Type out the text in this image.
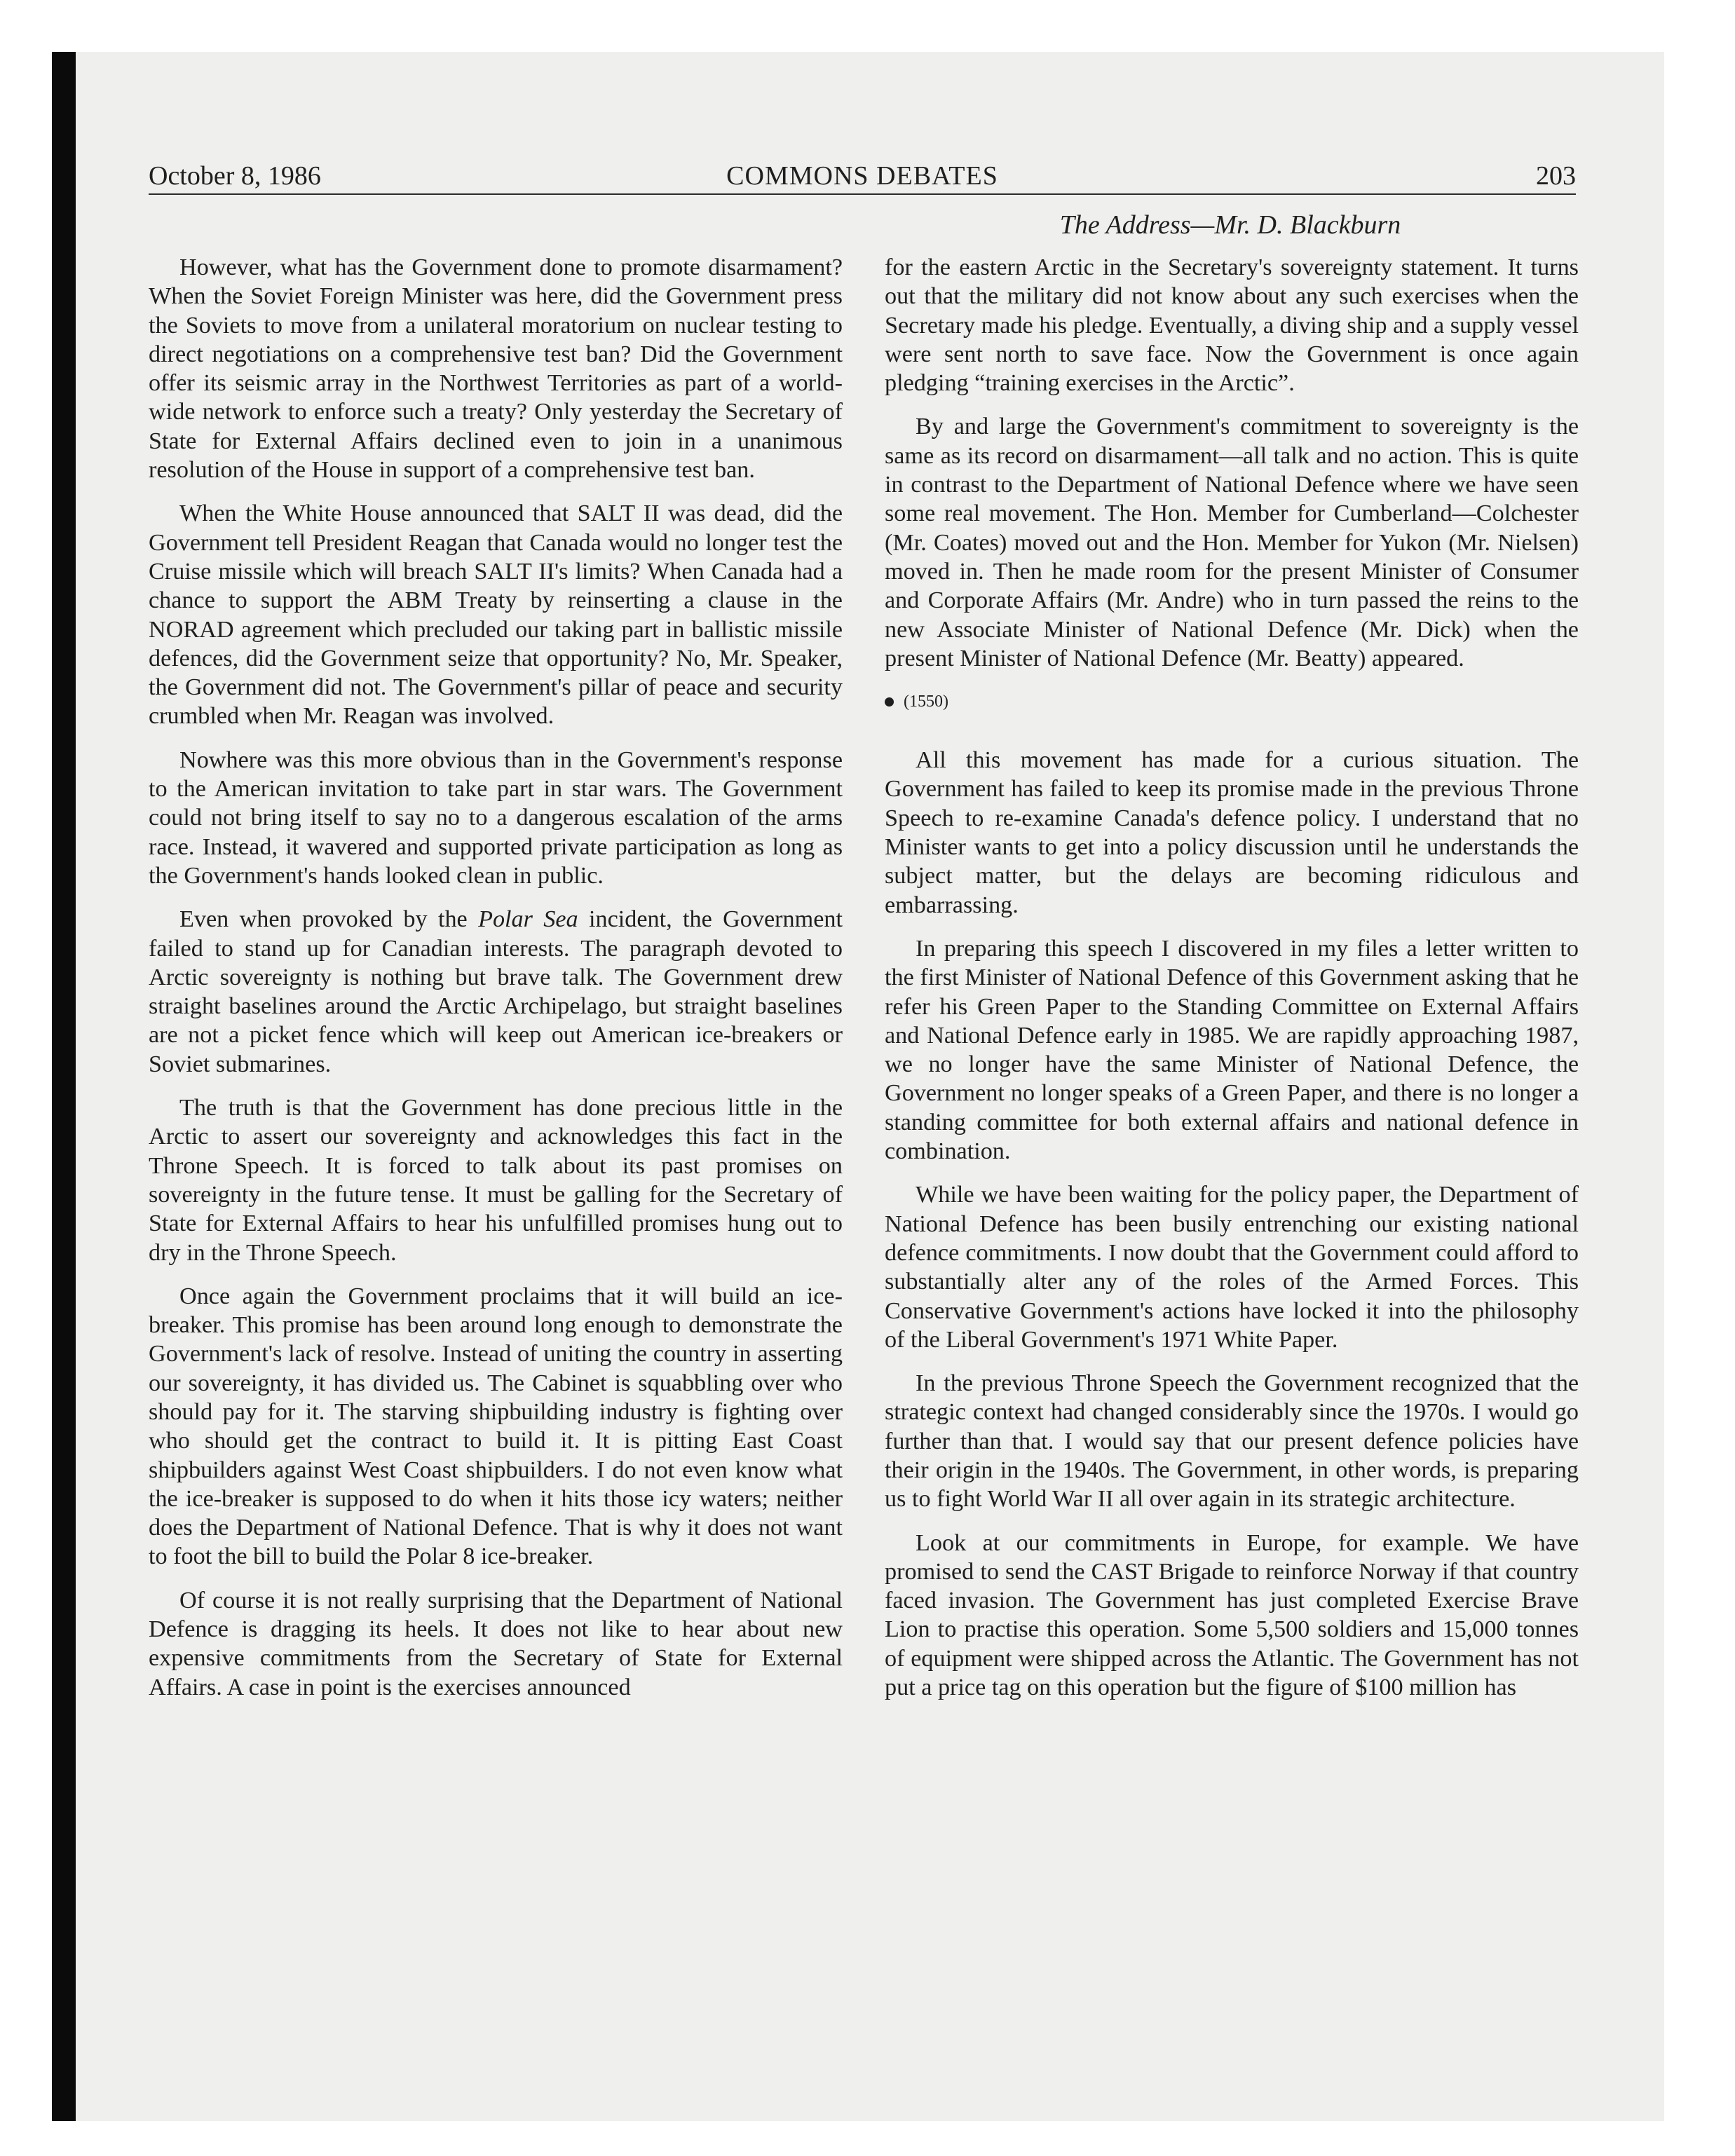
October 8, 1986	COMMONS DEBATES	203
The Address—Mr. D. Blackburn

However, what has the Government done to promote disarmament? When the Soviet Foreign Minister was here, did the Government press the Soviets to move from a unilateral moratorium on nuclear testing to direct negotiations on a comprehensive test ban? Did the Government offer its seismic array in the Northwest Territories as part of a world-wide network to enforce such a treaty? Only yesterday the Secretary of State for External Affairs declined even to join in a unanimous resolution of the House in support of a comprehensive test ban.

When the White House announced that SALT II was dead, did the Government tell President Reagan that Canada would no longer test the Cruise missile which will breach SALT II's limits? When Canada had a chance to support the ABM Treaty by reinserting a clause in the NORAD agreement which precluded our taking part in ballistic missile defences, did the Government seize that opportunity? No, Mr. Speaker, the Government did not. The Government's pillar of peace and security crumbled when Mr. Reagan was involved.

Nowhere was this more obvious than in the Government's response to the American invitation to take part in star wars. The Government could not bring itself to say no to a dangerous escalation of the arms race. Instead, it wavered and supported private participation as long as the Government's hands looked clean in public.

Even when provoked by the Polar Sea incident, the Government failed to stand up for Canadian interests. The paragraph devoted to Arctic sovereignty is nothing but brave talk. The Government drew straight baselines around the Arctic Archipelago, but straight baselines are not a picket fence which will keep out American ice-breakers or Soviet submarines.

The truth is that the Government has done precious little in the Arctic to assert our sovereignty and acknowledges this fact in the Throne Speech. It is forced to talk about its past promises on sovereignty in the future tense. It must be galling for the Secretary of State for External Affairs to hear his unfulfilled promises hung out to dry in the Throne Speech.

Once again the Government proclaims that it will build an ice-breaker. This promise has been around long enough to demonstrate the Government's lack of resolve. Instead of uniting the country in asserting our sovereignty, it has divided us. The Cabinet is squabbling over who should pay for it. The starving shipbuilding industry is fighting over who should get the contract to build it. It is pitting East Coast shipbuilders against West Coast shipbuilders. I do not even know what the ice-breaker is supposed to do when it hits those icy waters; neither does the Department of National Defence. That is why it does not want to foot the bill to build the Polar 8 ice-breaker.

Of course it is not really surprising that the Department of National Defence is dragging its heels. It does not like to hear about new expensive commitments from the Secretary of State for External Affairs. A case in point is the exercises announced

for the eastern Arctic in the Secretary's sovereignty statement. It turns out that the military did not know about any such exercises when the Secretary made his pledge. Eventually, a diving ship and a supply vessel were sent north to save face. Now the Government is once again pledging “training exercises in the Arctic”.

By and large the Government's commitment to sovereignty is the same as its record on disarmament—all talk and no action. This is quite in contrast to the Department of National Defence where we have seen some real movement. The Hon. Member for Cumberland—Colchester (Mr. Coates) moved out and the Hon. Member for Yukon (Mr. Nielsen) moved in. Then he made room for the present Minister of Consumer and Corporate Affairs (Mr. Andre) who in turn passed the reins to the new Associate Minister of National Defence (Mr. Dick) when the present Minister of National Defence (Mr. Beatty) appeared.

(1550)

All this movement has made for a curious situation. The Government has failed to keep its promise made in the previous Throne Speech to re-examine Canada's defence policy. I understand that no Minister wants to get into a policy discussion until he understands the subject matter, but the delays are becoming ridiculous and embarrassing.

In preparing this speech I discovered in my files a letter written to the first Minister of National Defence of this Government asking that he refer his Green Paper to the Standing Committee on External Affairs and National Defence early in 1985. We are rapidly approaching 1987, we no longer have the same Minister of National Defence, the Government no longer speaks of a Green Paper, and there is no longer a standing committee for both external affairs and national defence in combination.

While we have been waiting for the policy paper, the Department of National Defence has been busily entrenching our existing national defence commitments. I now doubt that the Government could afford to substantially alter any of the roles of the Armed Forces. This Conservative Government's actions have locked it into the philosophy of the Liberal Government's 1971 White Paper.

In the previous Throne Speech the Government recognized that the strategic context had changed considerably since the 1970s. I would go further than that. I would say that our present defence policies have their origin in the 1940s. The Government, in other words, is preparing us to fight World War II all over again in its strategic architecture.

Look at our commitments in Europe, for example. We have promised to send the CAST Brigade to reinforce Norway if that country faced invasion. The Government has just completed Exercise Brave Lion to practise this operation. Some 5,500 soldiers and 15,000 tonnes of equipment were shipped across the Atlantic. The Government has not put a price tag on this operation but the figure of $100 million has
